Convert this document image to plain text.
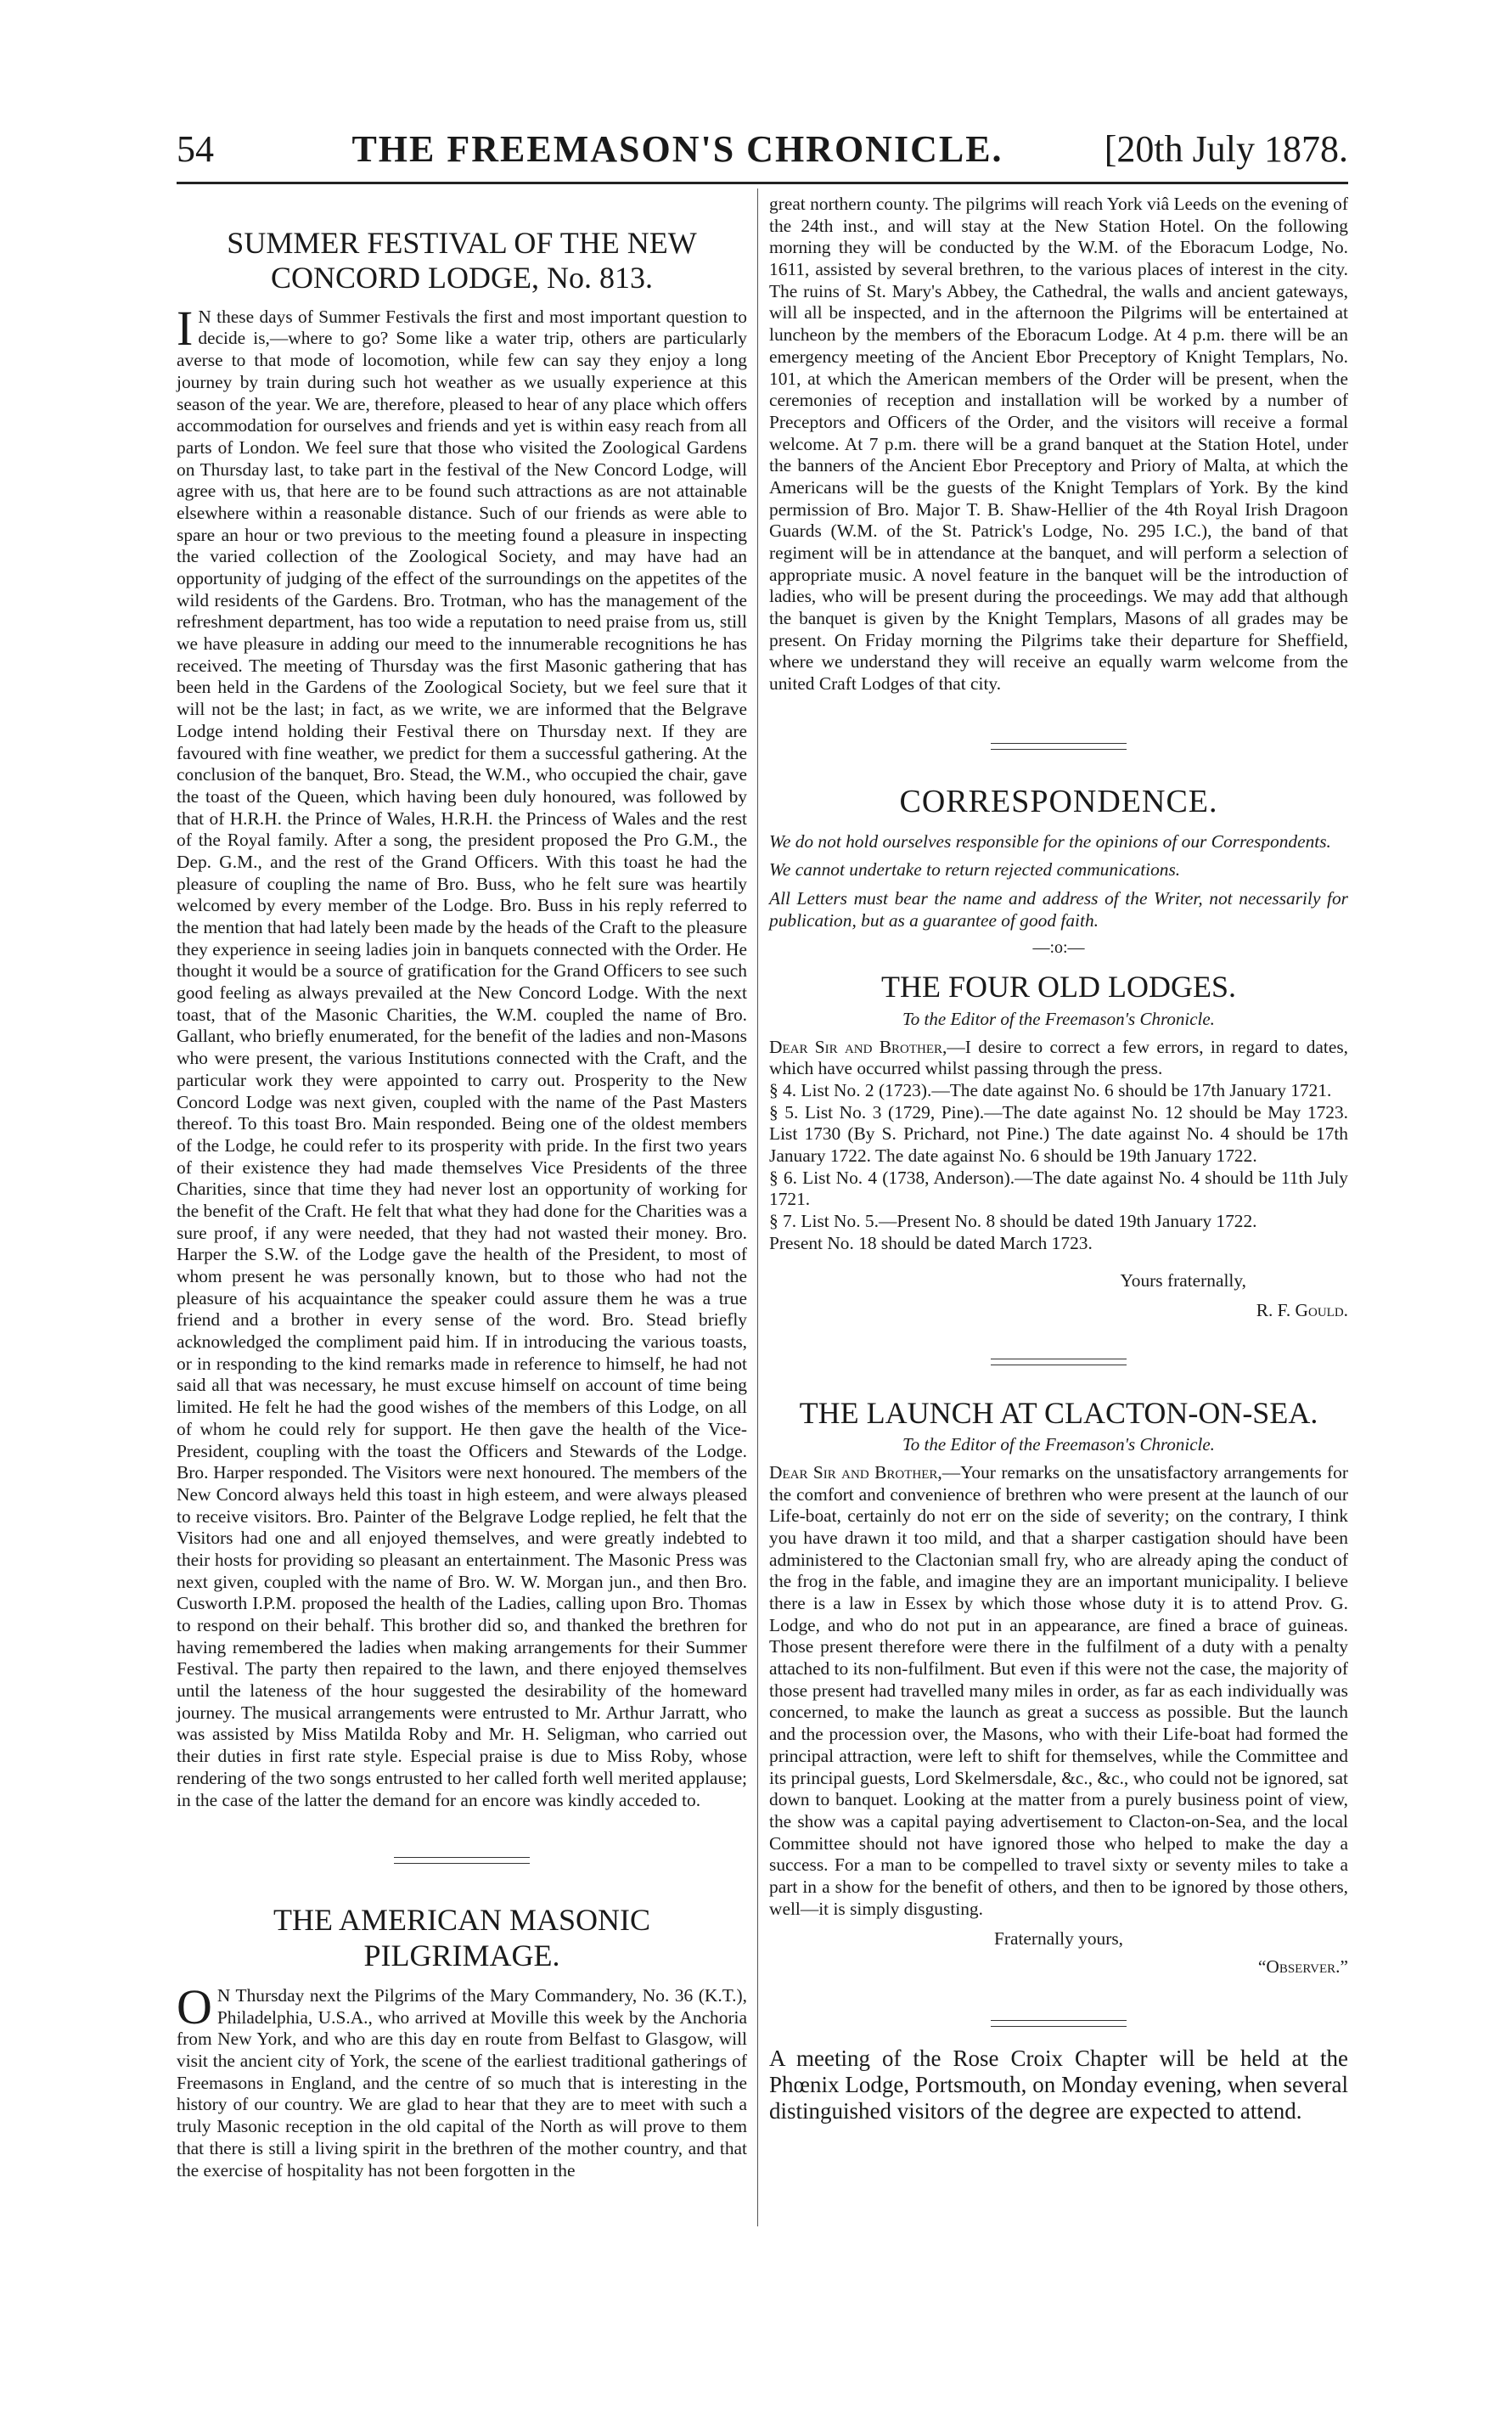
54	THE FREEMASON'S CHRONICLE.	[20th July 1878.
SUMMER FESTIVAL OF THE NEW CONCORD LODGE, No. 813.
I N these days of Summer Festivals the first and most important question to decide is,—where to go? Some like a water trip, others are particularly averse to that mode of locomotion, while few can say they enjoy a long journey by train during such hot weather as we usually experience at this season of the year. We are, therefore, pleased to hear of any place which offers accommodation for ourselves and friends and yet is within easy reach from all parts of London. We feel sure that those who visited the Zoological Gardens on Thursday last, to take part in the festival of the New Concord Lodge, will agree with us, that here are to be found such attractions as are not attainable elsewhere within a reasonable distance. Such of our friends as were able to spare an hour or two previous to the meeting found a pleasure in inspecting the varied collection of the Zoological Society, and may have had an opportunity of judging of the effect of the surroundings on the appetites of the wild residents of the Gardens. Bro. Trotman, who has the management of the refreshment department, has too wide a reputation to need praise from us, still we have pleasure in adding our meed to the innumerable recognitions he has received. The meeting of Thursday was the first Masonic gathering that has been held in the Gardens of the Zoological Society, but we feel sure that it will not be the last; in fact, as we write, we are informed that the Belgrave Lodge intend holding their Festival there on Thursday next. If they are favoured with fine weather, we predict for them a successful gathering. At the conclusion of the banquet, Bro. Stead, the W.M., who occupied the chair, gave the toast of the Queen, which having been duly honoured, was followed by that of H.R.H. the Prince of Wales, H.R.H. the Princess of Wales and the rest of the Royal family. After a song, the president proposed the Pro G.M., the Dep. G.M., and the rest of the Grand Officers. With this toast he had the pleasure of coupling the name of Bro. Buss, who he felt sure was heartily welcomed by every member of the Lodge. Bro. Buss in his reply referred to the mention that had lately been made by the heads of the Craft to the pleasure they experience in seeing ladies join in banquets connected with the Order. He thought it would be a source of gratification for the Grand Officers to see such good feeling as always prevailed at the New Concord Lodge. With the next toast, that of the Masonic Charities, the W.M. coupled the name of Bro. Gallant, who briefly enumerated, for the benefit of the ladies and non-Masons who were present, the various Institutions connected with the Craft, and the particular work they were appointed to carry out. Prosperity to the New Concord Lodge was next given, coupled with the name of the Past Masters thereof. To this toast Bro. Main responded. Being one of the oldest members of the Lodge, he could refer to its prosperity with pride. In the first two years of their existence they had made themselves Vice Presidents of the three Charities, since that time they had never lost an opportunity of working for the benefit of the Craft. He felt that what they had done for the Charities was a sure proof, if any were needed, that they had not wasted their money. Bro. Harper the S.W. of the Lodge gave the health of the President, to most of whom present he was personally known, but to those who had not the pleasure of his acquaintance the speaker could assure them he was a true friend and a brother in every sense of the word. Bro. Stead briefly acknowledged the compliment paid him. If in introducing the various toasts, or in responding to the kind remarks made in reference to himself, he had not said all that was necessary, he must excuse himself on account of time being limited. He felt he had the good wishes of the members of this Lodge, on all of whom he could rely for support. He then gave the health of the Vice-President, coupling with the toast the Officers and Stewards of the Lodge. Bro. Harper responded. The Visitors were next honoured. The members of the New Concord always held this toast in high esteem, and were always pleased to receive visitors. Bro. Painter of the Belgrave Lodge replied, he felt that the Visitors had one and all enjoyed themselves, and were greatly indebted to their hosts for providing so pleasant an entertainment. The Masonic Press was next given, coupled with the name of Bro. W. W. Morgan jun., and then Bro. Cusworth I.P.M. proposed the health of the Ladies, calling upon Bro. Thomas to respond on their behalf. This brother did so, and thanked the brethren for having remembered the ladies when making arrangements for their Summer Festival. The party then repaired to the lawn, and there enjoyed themselves until the lateness of the hour suggested the desirability of the homeward journey. The musical arrangements were entrusted to Mr. Arthur Jarratt, who was assisted by Miss Matilda Roby and Mr. H. Seligman, who carried out their duties in first rate style. Especial praise is due to Miss Roby, whose rendering of the two songs entrusted to her called forth well merited applause; in the case of the latter the demand for an encore was kindly acceded to.
THE AMERICAN MASONIC PILGRIMAGE.
O N Thursday next the Pilgrims of the Mary Commandery, No. 36 (K.T.), Philadelphia, U.S.A., who arrived at Moville this week by the Anchoria from New York, and who are this day en route from Belfast to Glasgow, will visit the ancient city of York, the scene of the earliest traditional gatherings of Freemasons in England, and the centre of so much that is interesting in the history of our country. We are glad to hear that they are to meet with such a truly Masonic reception in the old capital of the North as will prove to them that there is still a living spirit in the brethren of the mother country, and that the exercise of hospitality has not been forgotten in the
great northern county. The pilgrims will reach York viâ Leeds on the evening of the 24th inst., and will stay at the New Station Hotel. On the following morning they will be conducted by the W.M. of the Eboracum Lodge, No. 1611, assisted by several brethren, to the various places of interest in the city. The ruins of St. Mary's Abbey, the Cathedral, the walls and ancient gateways, will all be inspected, and in the afternoon the Pilgrims will be entertained at luncheon by the members of the Eboracum Lodge. At 4 p.m. there will be an emergency meeting of the Ancient Ebor Preceptory of Knight Templars, No. 101, at which the American members of the Order will be present, when the ceremonies of reception and installation will be worked by a number of Preceptors and Officers of the Order, and the visitors will receive a formal welcome. At 7 p.m. there will be a grand banquet at the Station Hotel, under the banners of the Ancient Ebor Preceptory and Priory of Malta, at which the Americans will be the guests of the Knight Templars of York. By the kind permission of Bro. Major T. B. Shaw-Hellier of the 4th Royal Irish Dragoon Guards (W.M. of the St. Patrick's Lodge, No. 295 I.C.), the band of that regiment will be in attendance at the banquet, and will perform a selection of appropriate music. A novel feature in the banquet will be the introduction of ladies, who will be present during the proceedings. We may add that although the banquet is given by the Knight Templars, Masons of all grades may be present. On Friday morning the Pilgrims take their departure for Sheffield, where we understand they will receive an equally warm welcome from the united Craft Lodges of that city.
CORRESPONDENCE.

We do not hold ourselves responsible for the opinions of our Correspondents.

We cannot undertake to return rejected communications.

All Letters must bear the name and address of the Writer, not necessarily for publication, but as a guarantee of good faith.

—:o:—

THE FOUR OLD LODGES.

To the Editor of the Freemason's Chronicle.

Dear Sir and Brother,—I desire to correct a few errors, in regard to dates, which have occurred whilst passing through the press.

§ 4. List No. 2 (1723).—The date against No. 6 should be 17th January 1721.

§ 5. List No. 3 (1729, Pine).—The date against No. 12 should be May 1723. List 1730 (By S. Prichard, not Pine.) The date against No. 4 should be 17th January 1722. The date against No. 6 should be 19th January 1722.

§ 6. List No. 4 (1738, Anderson).—The date against No. 4 should be 11th July 1721.

§ 7. List No. 5.—Present No. 8 should be dated 19th January 1722.

Present No. 18 should be dated March 1723.

Yours fraternally,

R. F. Gould.

THE LAUNCH AT CLACTON-ON-SEA.

To the Editor of the Freemason's Chronicle.

Dear Sir and Brother,—Your remarks on the unsatisfactory arrangements for the comfort and convenience of brethren who were present at the launch of our Life-boat, certainly do not err on the side of severity; on the contrary, I think you have drawn it too mild, and that a sharper castigation should have been administered to the Clactonian small fry, who are already aping the conduct of the frog in the fable, and imagine they are an important municipality. I believe there is a law in Essex by which those whose duty it is to attend Prov. G. Lodge, and who do not put in an appearance, are fined a brace of guineas. Those present therefore were there in the fulfilment of a duty with a penalty attached to its non-fulfilment. But even if this were not the case, the majority of those present had travelled many miles in order, as far as each individually was concerned, to make the launch as great a success as possible. But the launch and the procession over, the Masons, who with their Life-boat had formed the principal attraction, were left to shift for themselves, while the Committee and its principal guests, Lord Skelmersdale, &c., &c., who could not be ignored, sat down to banquet. Looking at the matter from a purely business point of view, the show was a capital paying advertisement to Clacton-on-Sea, and the local Committee should not have ignored those who helped to make the day a success. For a man to be compelled to travel sixty or seventy miles to take a part in a show for the benefit of others, and then to be ignored by those others, well—it is simply disgusting.

Fraternally yours,

“Observer.”

A meeting of the Rose Croix Chapter will be held at the Phœnix Lodge, Portsmouth, on Monday evening, when several distinguished visitors of the degree are expected to attend.
